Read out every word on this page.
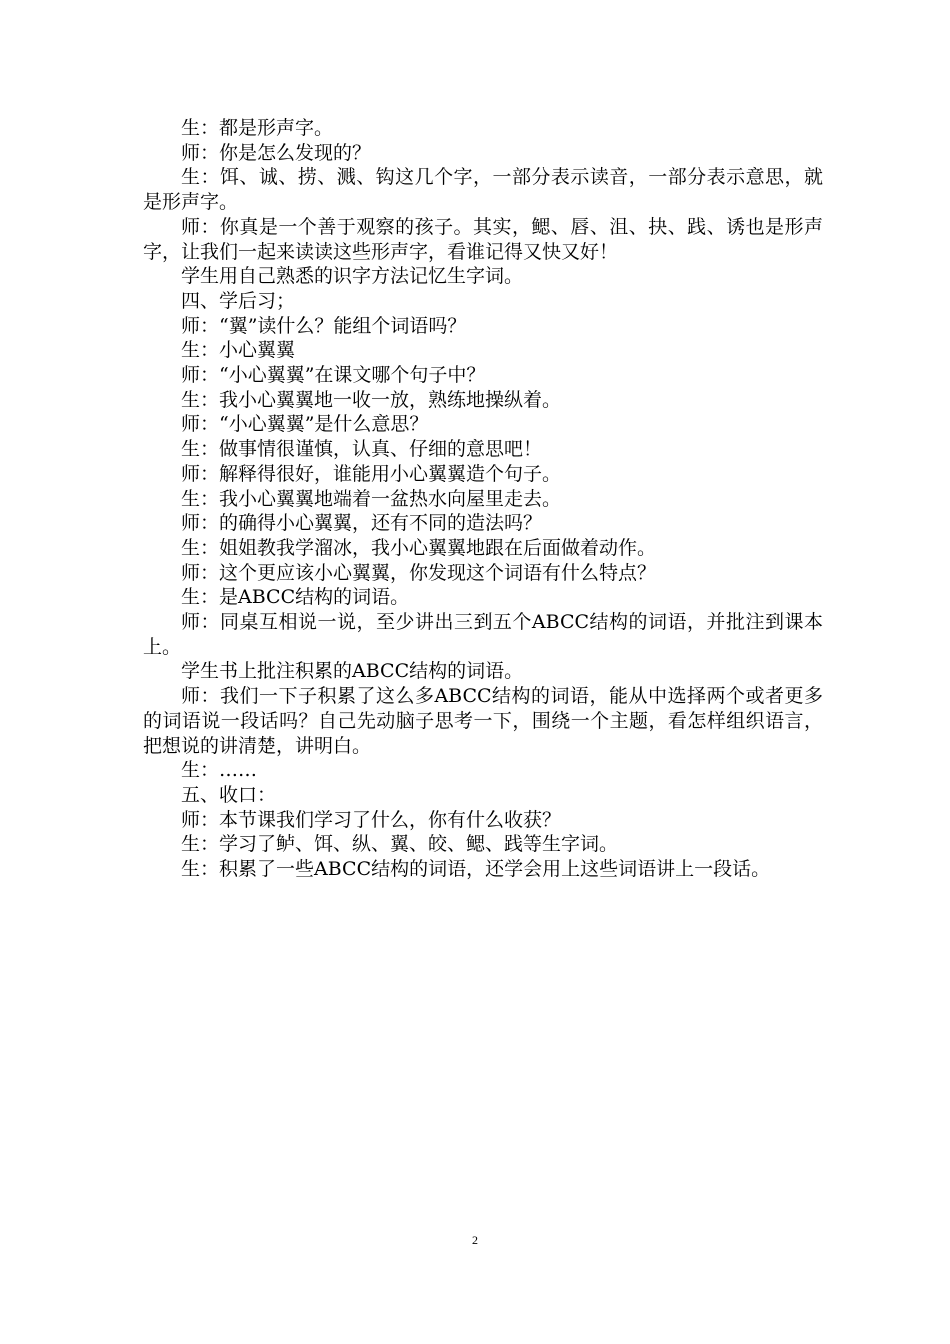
生：都是形声字。

师：你是怎么发现的？

生：饵、诚、捞、溅、钩这几个字，一部分表示读音，一部分表示意思，就是形声字。

师：你真是一个善于观察的孩子。其实，鳃、唇、沮、抉、践、诱也是形声字，让我们一起来读读这些形声字，看谁记得又快又好！

学生用自己熟悉的识字方法记忆生字词。

四、学后习；

师：“翼”读什么？能组个词语吗？

生：小心翼翼

师：“小心翼翼”在课文哪个句子中？

生：我小心翼翼地一收一放，熟练地操纵着。

师：“小心翼翼”是什么意思？

生：做事情很谨慎，认真、仔细的意思吧！

师：解释得很好，谁能用小心翼翼造个句子。

生：我小心翼翼地端着一盆热水向屋里走去。

师：的确得小心翼翼，还有不同的造法吗？

生：姐姐教我学溜冰，我小心翼翼地跟在后面做着动作。

师：这个更应该小心翼翼，你发现这个词语有什么特点？

生：是ABCC结构的词语。

师：同桌互相说一说，至少讲出三到五个ABCC结构的词语，并批注到课本上。

学生书上批注积累的ABCC结构的词语。

师：我们一下子积累了这么多ABCC结构的词语，能从中选择两个或者更多的词语说一段话吗？自己先动脑子思考一下，围绕一个主题，看怎样组织语言，把想说的讲清楚，讲明白。

生：……

五、收口：

师：本节课我们学习了什么，你有什么收获？

生：学习了鲈、饵、纵、翼、皎、鳃、践等生字词。

生：积累了一些ABCC结构的词语，还学会用上这些词语讲上一段话。

2
